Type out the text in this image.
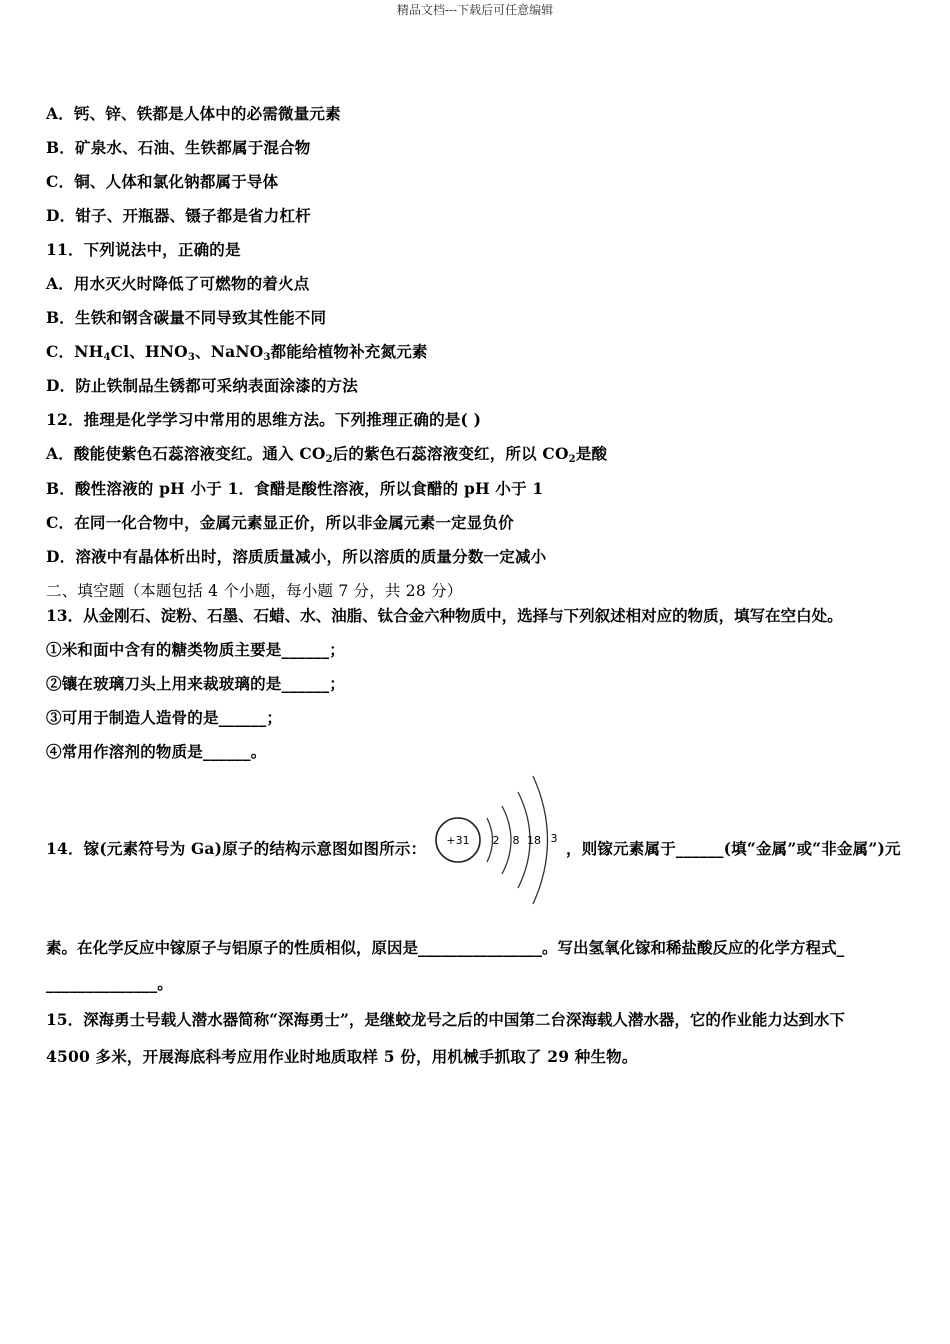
精品文档---下载后可任意编辑
A．钙、锌、铁都是人体中的必需微量元素
B．矿泉水、石油、生铁都属于混合物
C．铜、人体和氯化钠都属于导体
D．钳子、开瓶器、镊子都是省力杠杆
11．下列说法中，正确的是
A．用水灭火时降低了可燃物的着火点
B．生铁和钢含碳量不同导致其性能不同
C．$NH_4Cl$、$HNO_3$、NaNO$_3$都能给植物补充氮元素
D．防止铁制品生锈都可采纳表面涂漆的方法
12．推理是化学学习中常用的思维方法。下列推理正确的是( )
A．酸能使紫色石蕊溶液变红。通入 $CO_2$后的紫色石蕊溶液变红，所以 $CO_2$是酸
B．酸性溶液的 pH 小于 1．食醋是酸性溶液，所以食醋的 pH 小于 1
C．在同一化合物中，金属元素显正价，所以非金属元素一定显负价
D．溶液中有晶体析出时，溶质质量减小，所以溶质的质量分数一定减小
二、填空题（本题包括 4 个小题，每小题 7 分，共 28 分）
13．从金刚石、淀粉、石墨、石蜡、水、油脂、钛合金六种物质中，选择与下列叙述相对应的物质，填写在空白处。
①米和面中含有的糖类物质主要是______；
②镶在玻璃刀头上用来裁玻璃的是______；
③可用于制造人造骨的是______；
④常用作溶剂的物质是______。
14．镓(元素符号为 Ga)原子的结构示意图如图所示： +31 2 8 18 3
，则镓元素属于______(填“金属”或“非金属”)元
素。在化学反应中镓原子与铝原子的性质相似，原因是________________。写出氢氧化镓和稀盐酸反应的化学方程式_
______________。
15．深海勇士号载人潜水器简称“深海勇士”，是继蛟龙号之后的中国第二台深海载人潜水器，它的作业能力达到水下
4500 多米，开展海底科考应用作业时地质取样 5 份，用机械手抓取了 29 种生物。
